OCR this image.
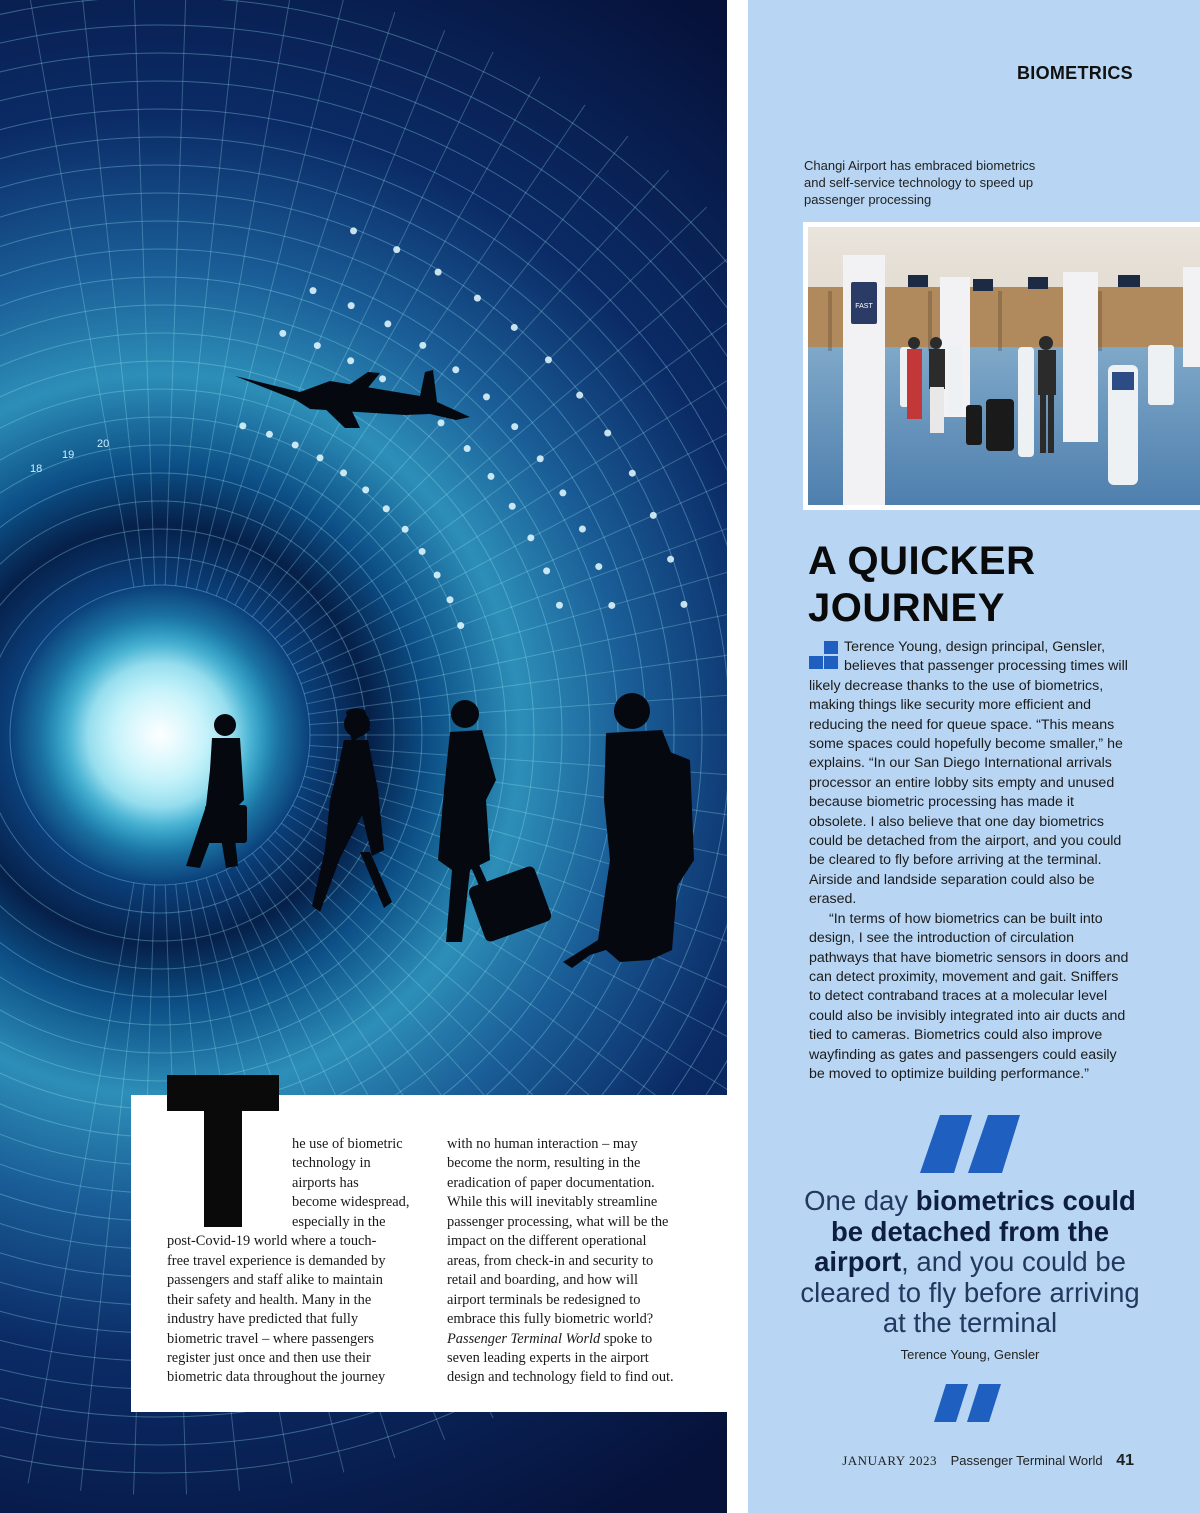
20
19
18
BIOMETRICS
Changi Airport has embraced biometrics and self-service technology to speed up passenger processing
FAST
A QUICKER JOURNEY

Terence Young, design principal, Gensler, believes that passenger processing times will likely decrease thanks to the use of biometrics, making things like security more efficient and reducing the need for queue space. “This means some spaces could hopefully become smaller,” he explains. “In our San Diego International arrivals processor an entire lobby sits empty and unused because biometric processing has made it obsolete. I also believe that one day biometrics could be detached from the airport, and you could be cleared to fly before arriving at the terminal. Airside and landside separation could also be erased.

“In terms of how biometrics can be built into design, I see the introduction of circulation pathways that have biometric sensors in doors and can detect proximity, movement and gait. Sniffers to detect contraband traces at a molecular level could also be invisibly integrated into air ducts and tied to cameras. Biometrics could also improve wayfinding as gates and passengers could easily be moved to optimize building performance.”

One day biometrics could be detached from the airport, and you could be cleared to fly before arriving at the terminal
Terence Young, Gensler
JANUARY 2023 Passenger Terminal World 41
he use of biometric
technology in
airports has
become widespread,
especially in the
post-Covid-19 world where a touch-
free travel experience is demanded by
passengers and staff alike to maintain
their safety and health. Many in the
industry have predicted that fully
biometric travel – where passengers
register just once and then use their
biometric data throughout the journey
with no human interaction – may
become the norm, resulting in the
eradication of paper documentation.
While this will inevitably streamline
passenger processing, what will be the
impact on the different operational
areas, from check-in and security to
retail and boarding, and how will
airport terminals be redesigned to
embrace this fully biometric world?
Passenger Terminal World spoke to
seven leading experts in the airport
design and technology field to find out.
